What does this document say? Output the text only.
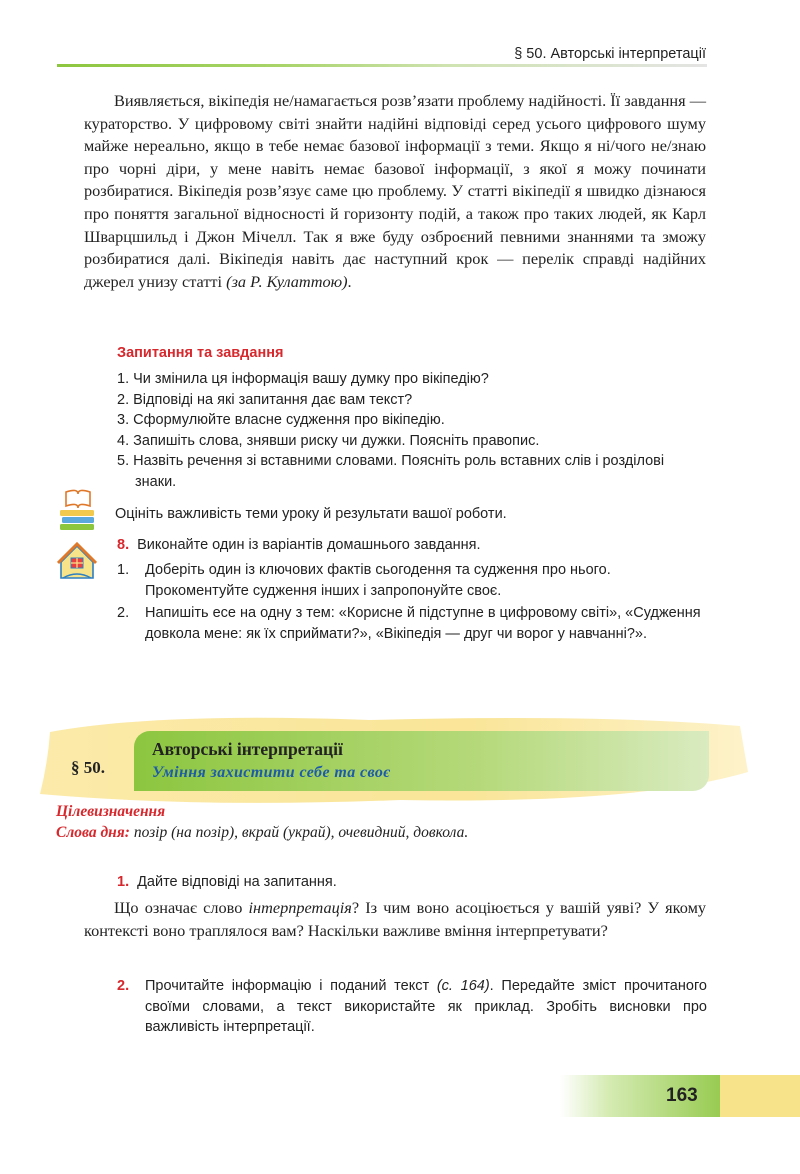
§ 50. Авторські інтерпретації

Виявляється, вікіпедія не/намагається розв’язати проблему надійності. Її завдання — кураторство. У цифровому світі знайти надійні відповіді серед усього цифрового шуму майже нереально, якщо в тебе немає базової інформації з теми. Якщо я ні/чого не/знаю про чорні діри, у мене навіть немає базової інформації, з якої я можу починати розбиратися. Вікіпедія розв’язує саме цю проблему. У статті вікіпедії я швидко дізнаюся про поняття загальної відносності й горизонту подій, а також про таких людей, як Карл Шварцшильд і Джон Мічелл. Так я вже буду озброєний певними знаннями та зможу розбиратися далі. Вікіпедія навіть дає наступний крок — перелік справді надійних джерел унизу статті (за Р. Кулаттою).

Запитання та завдання
1. Чи змінила ця інформація вашу думку про вікіпедію?
2. Відповіді на які запитання дає вам текст?
3. Сформулюйте власне судження про вікіпедію.
4. Запишіть слова, знявши риску чи дужки. Поясніть правопис.
5. Назвіть речення зі вставними словами. Поясніть роль вставних слів і розділові знаки.
Оцініть важливість теми уроку й результати вашої роботи.
8. Виконайте один із варіантів домашнього завдання.
1. Доберіть один із ключових фактів сьогодення та судження про нього. Прокоментуйте судження інших і запропонуйте своє.
2. Напишіть есе на одну з тем: «Корисне й підступне в цифровому світі», «Судження довкола мене: як їх сприймати?», «Вікіпедія — друг чи ворог у навчанні?».
§ 50.
Авторські інтерпретації
Уміння захистити себе та своє
Цілевизначення
Слова дня: позір (на позір), вкрай (украй), очевидний, довкола.
1. Дайте відповіді на запитання.

Що означає слово інтерпретація? Із чим воно асоціюється у вашій уяві? У якому контексті воно траплялося вам? Наскільки важливе вміння інтерпретувати?

2. Прочитайте інформацію і поданий текст (с. 164). Передайте зміст прочитаного своїми словами, а текст використайте як приклад. Зробіть висновки про важливість інтерпретації.
163
